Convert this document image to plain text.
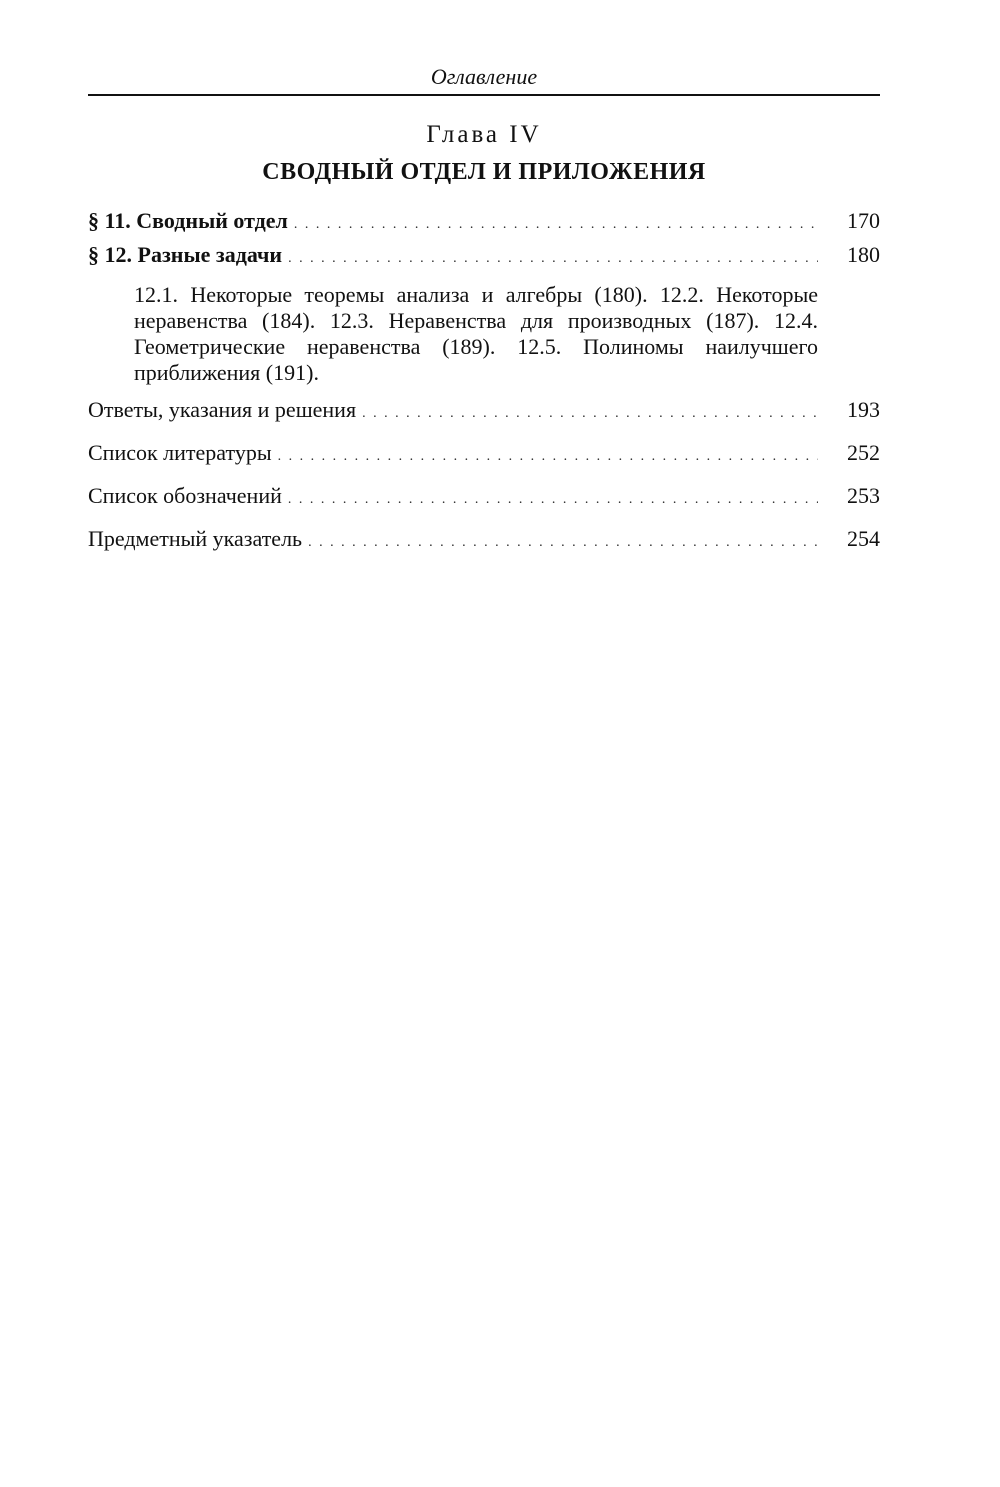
Оглавление
Глава IV
СВОДНЫЙ ОТДЕЛ И ПРИЛОЖЕНИЯ
§ 11. Сводный отдел . . .	170
§ 12. Разные задачи . . .	180
12.1. Некоторые теоремы анализа и алгебры (180). 12.2. Некоторые неравенства (184). 12.3. Неравенства для производных (187). 12.4. Геометрические неравенства (189). 12.5. Полиномы наилучшего приближения (191).
Ответы, указания и решения . . .	193
Список литературы . . .	252
Список обозначений . . .	253
Предметный указатель . . .	254
